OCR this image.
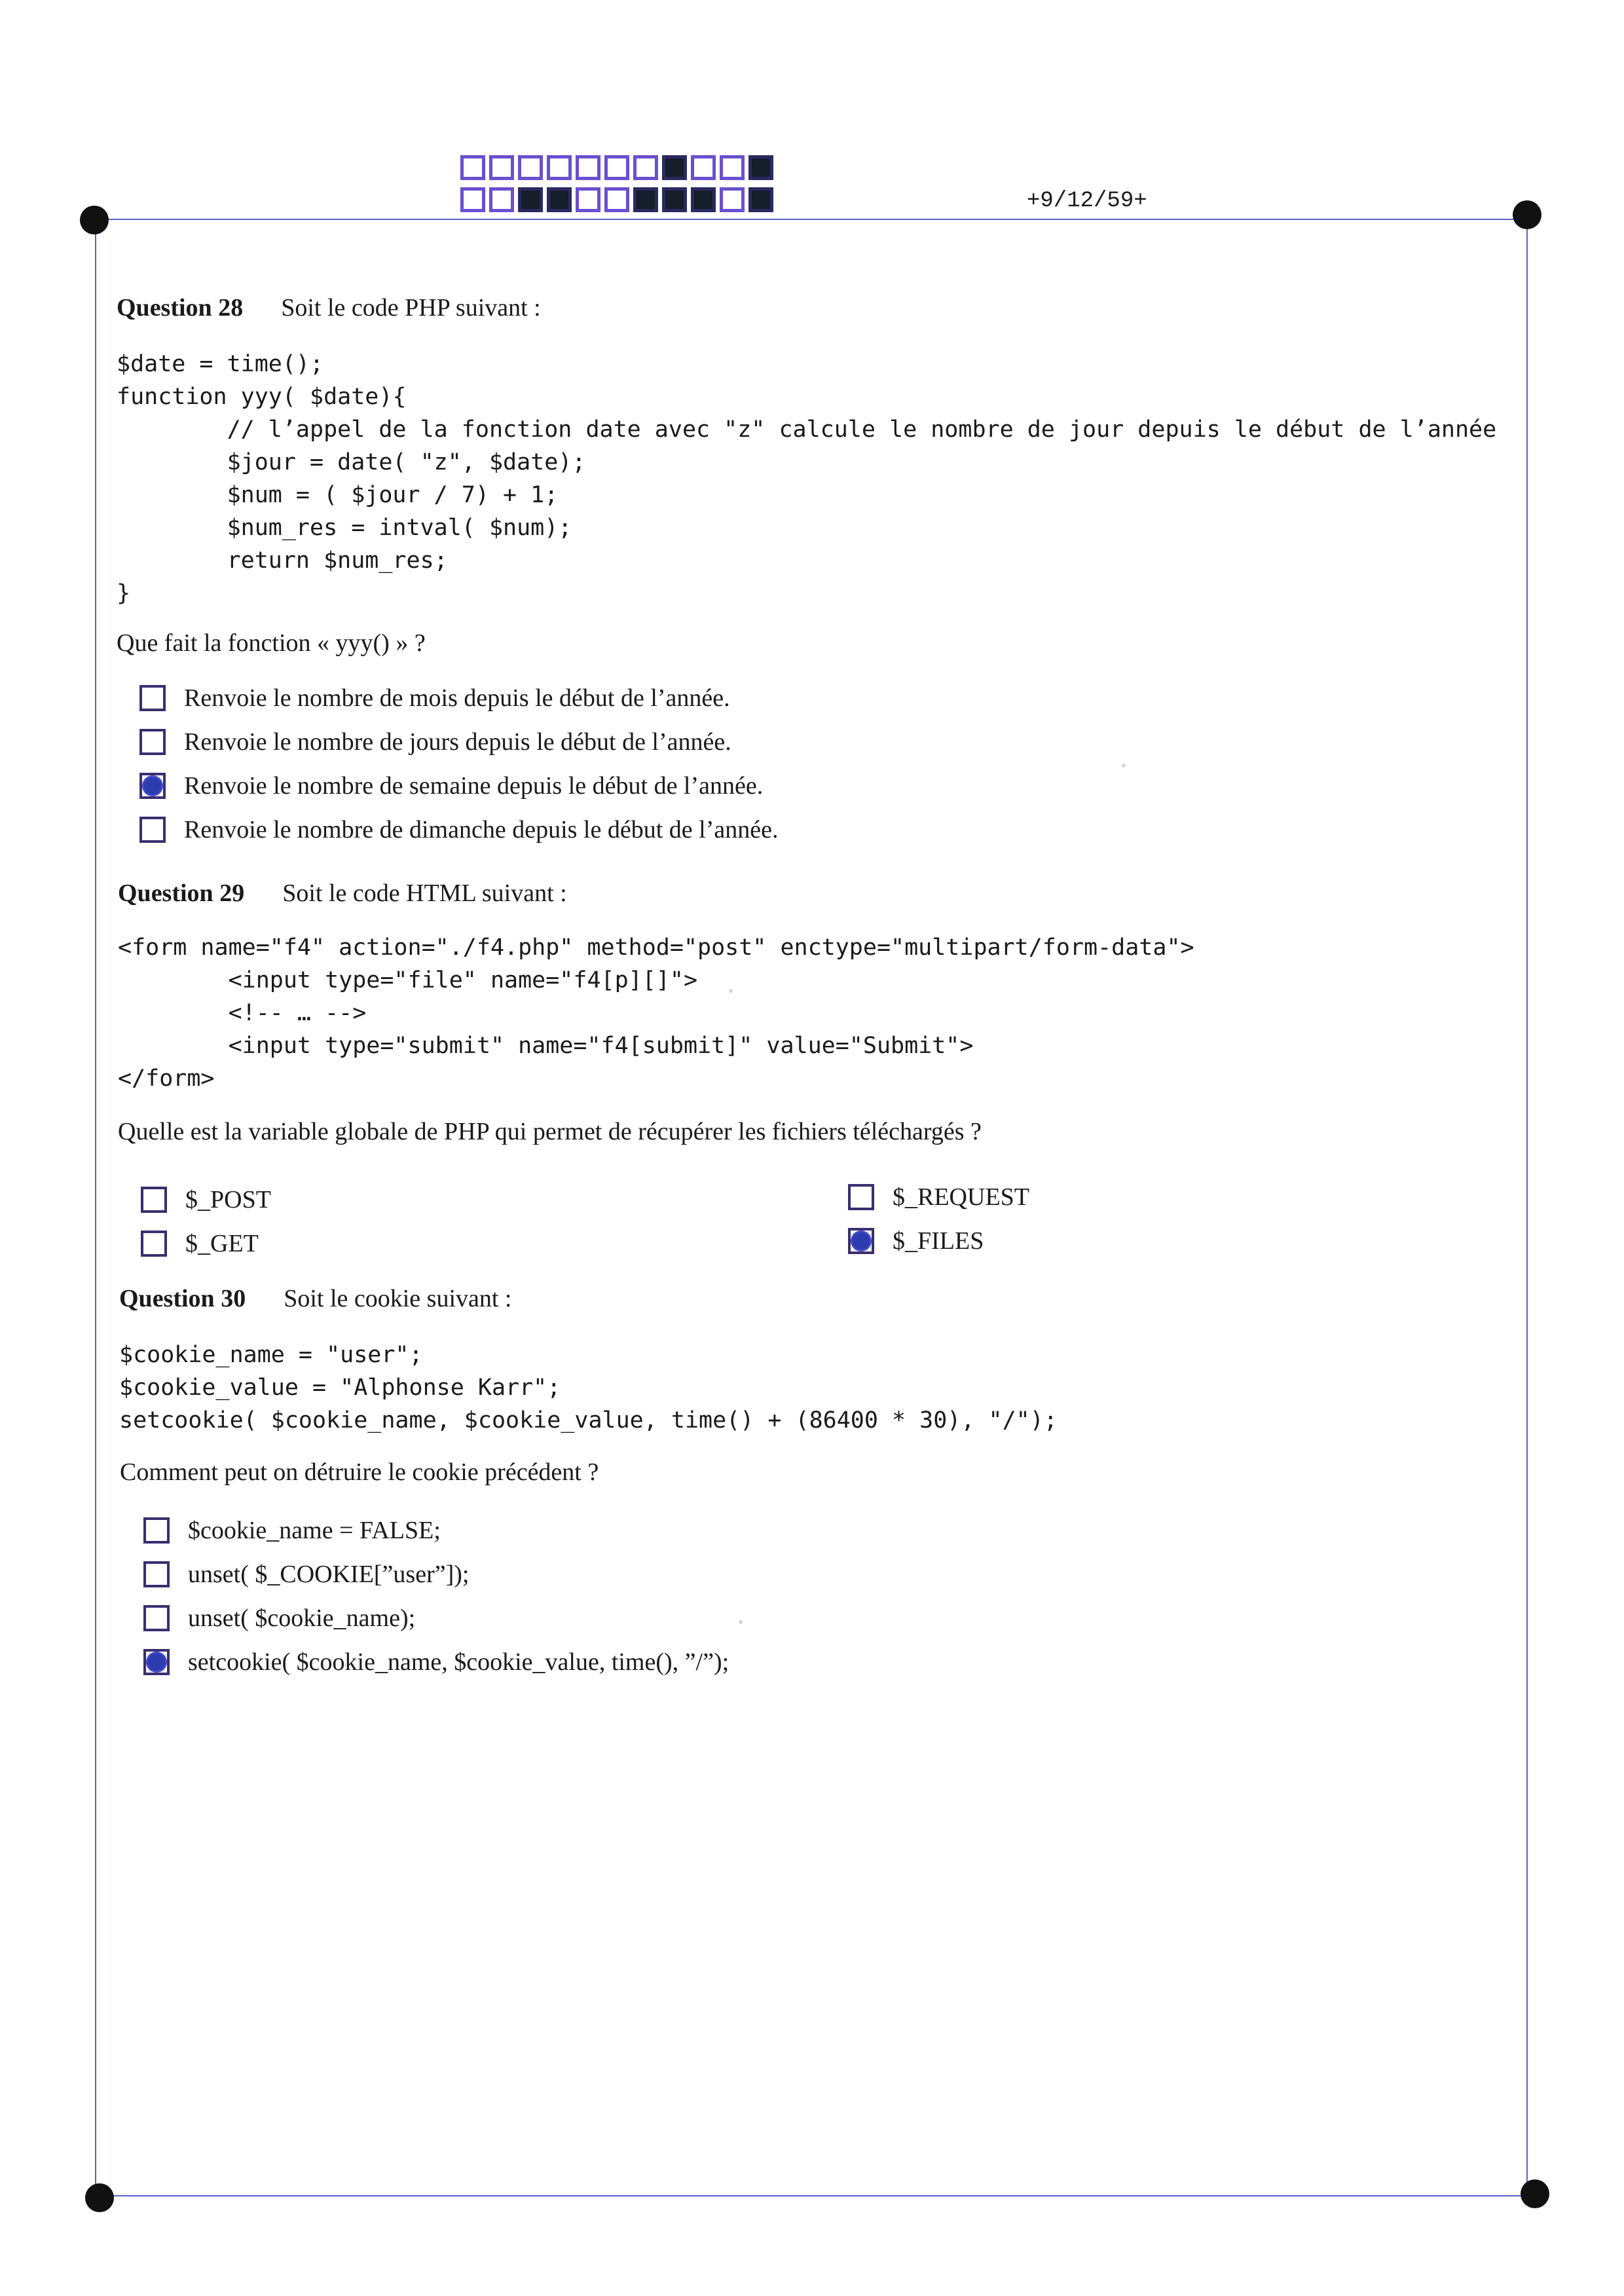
+9/12/59+
Question 28 Soit le code PHP suivant :
$date = time();
function yyy( $date){
// l’appel de la fonction date avec "z" calcule le nombre de jour depuis le début de l’année
$jour = date( "z", $date);
$num = ( $jour / 7) + 1;
$num_res = intval( $num);
return $num_res;
}
Que fait la fonction « yyy() » ?
Renvoie le nombre de mois depuis le début de l’année.
Renvoie le nombre de jours depuis le début de l’année.
Renvoie le nombre de semaine depuis le début de l’année.
Renvoie le nombre de dimanche depuis le début de l’année.
Question 29 Soit le code HTML suivant :
<form name="f4" action="./f4.php" method="post" enctype="multipart/form-data">
<input type="file" name="f4[p][]">
<!-- … -->
<input type="submit" name="f4[submit]" value="Submit">
</form>
Quelle est la variable globale de PHP qui permet de récupérer les fichiers téléchargés ?
$_POST
$_GET
$_REQUEST
$_FILES
Question 30 Soit le cookie suivant :
$cookie_name = "user";
$cookie_value = "Alphonse Karr";
setcookie( $cookie_name, $cookie_value, time() + (86400 * 30), "/");
Comment peut on détruire le cookie précédent ?
$cookie_name = FALSE;
unset( $_COOKIE[”user”]);
unset( $cookie_name);
setcookie( $cookie_name, $cookie_value, time(), ”/”);
